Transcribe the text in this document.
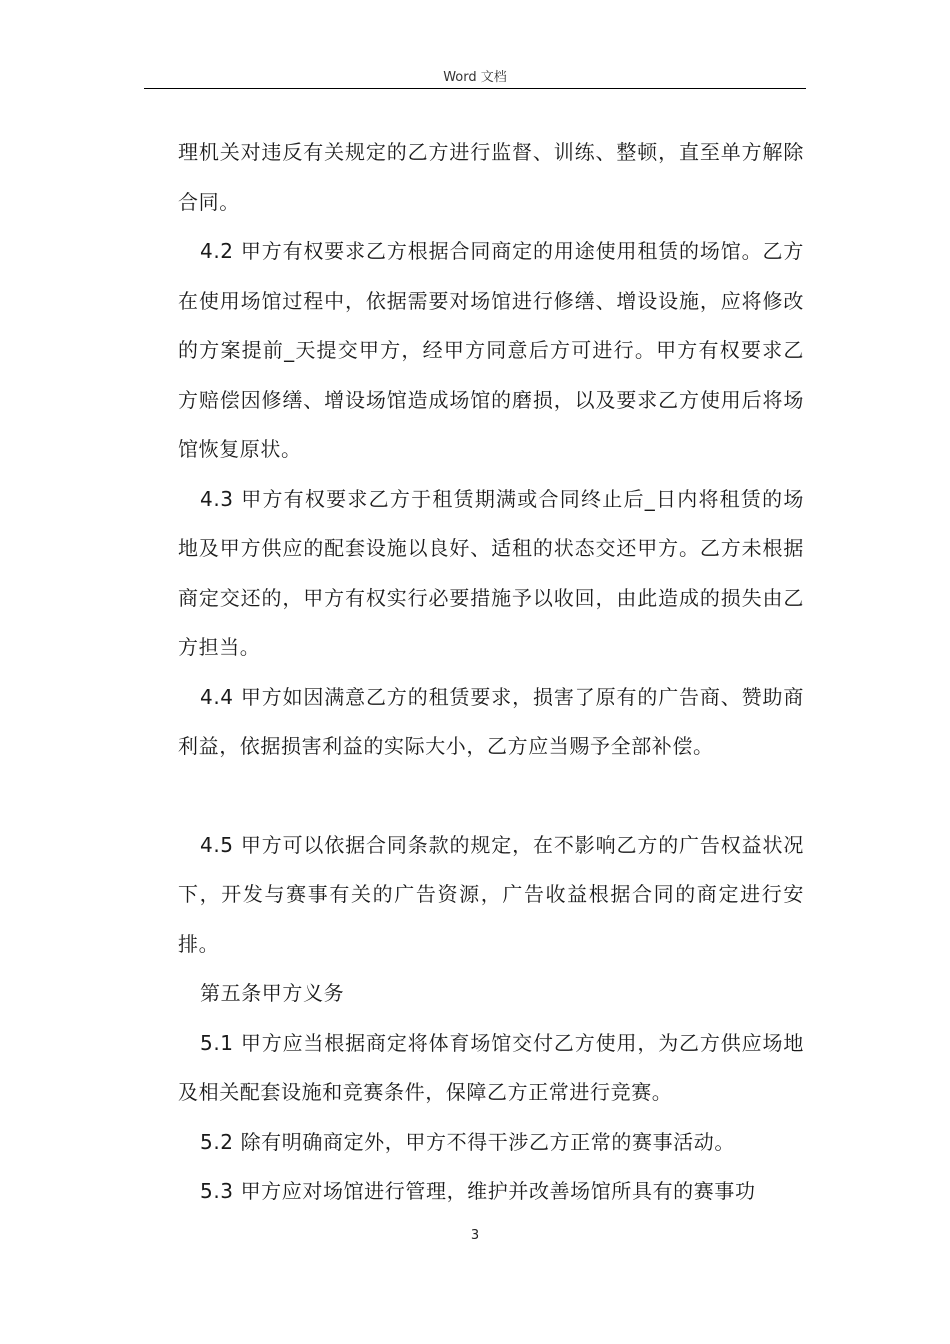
Word 文档

理机关对违反有关规定的乙方进行监督、训练、整顿，直至单方解除合同。

4.2 甲方有权要求乙方根据合同商定的用途使用租赁的场馆。乙方在使用场馆过程中，依据需要对场馆进行修缮、增设设施，应将修改的方案提前_天提交甲方，经甲方同意后方可进行。甲方有权要求乙方赔偿因修缮、增设场馆造成场馆的磨损，以及要求乙方使用后将场馆恢复原状。

4.3 甲方有权要求乙方于租赁期满或合同终止后_日内将租赁的场地及甲方供应的配套设施以良好、适租的状态交还甲方。乙方未根据商定交还的，甲方有权实行必要措施予以收回，由此造成的损失由乙方担当。

4.4 甲方如因满意乙方的租赁要求，损害了原有的广告商、赞助商利益，依据损害利益的实际大小，乙方应当赐予全部补偿。

4.5 甲方可以依据合同条款的规定，在不影响乙方的广告权益状况下，开发与赛事有关的广告资源，广告收益根据合同的商定进行安排。

第五条甲方义务

5.1 甲方应当根据商定将体育场馆交付乙方使用，为乙方供应场地及相关配套设施和竞赛条件，保障乙方正常进行竞赛。

5.2 除有明确商定外，甲方不得干涉乙方正常的赛事活动。

5.3 甲方应对场馆进行管理，维护并改善场馆所具有的赛事功

3
